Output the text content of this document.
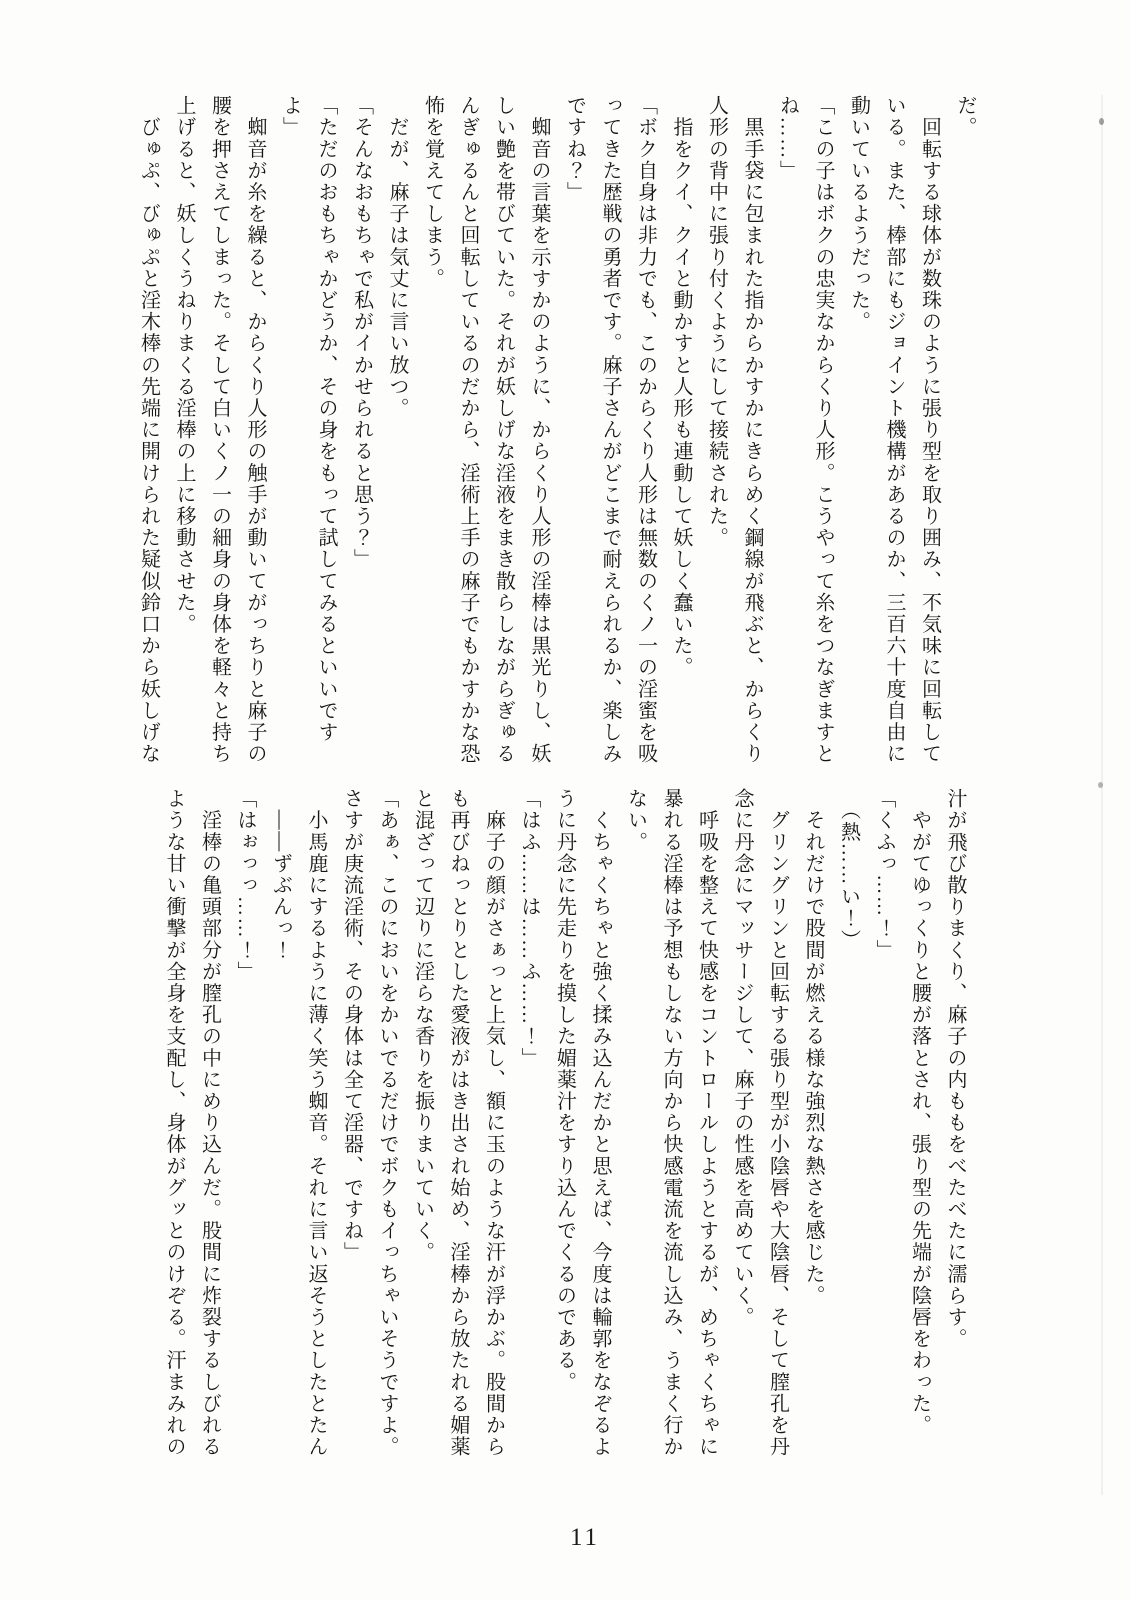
だ。

　回転する球体が数珠のように張り型を取り囲み、不気味に回転している。また、棒部にもジョイント機構があるのか、三百六十度自由に動いているようだった。

「この子はボクの忠実なからくり人形。こうやって糸をつなぎますとね……」

　黒手袋に包まれた指からかすかにきらめく鋼線が飛ぶと、からくり人形の背中に張り付くようにして接続された。

　指をクイ、クイと動かすと人形も連動して妖しく蠢いた。

「ボク自身は非力でも、このからくり人形は無数のくノ一の淫蜜を吸ってきた歴戦の勇者です。麻子さんがどこまで耐えられるか、楽しみですね？」

　蜘音の言葉を示すかのように、からくり人形の淫棒は黒光りし、妖しい艶を帯びていた。それが妖しげな淫液をまき散らしながらぎゅるんぎゅるんと回転しているのだから、淫術上手の麻子でもかすかな恐怖を覚えてしまう。

　だが、麻子は気丈に言い放つ。

「そんなおもちゃで私がイかせられると思う？」

「ただのおもちゃかどうか、その身をもって試してみるといいですよ」

　蜘音が糸を繰ると、からくり人形の触手が動いてがっちりと麻子の腰を押さえてしまった。そして白いくノ一の細身の身体を軽々と持ち上げると、妖しくうねりまくる淫棒の上に移動させた。

　びゅぷ、びゅぷと淫木棒の先端に開けられた疑似鈴口から妖しげな

汁が飛び散りまくり、麻子の内ももをべたべたに濡らす。

　やがてゆっくりと腰が落とされ、張り型の先端が陰唇をわった。

「くふっ……！」

　（熱……い！）

　それだけで股間が燃える様な強烈な熱さを感じた。

　グリングリンと回転する張り型が小陰唇や大陰唇、そして膣孔を丹念に丹念にマッサージして、麻子の性感を高めていく。

　呼吸を整えて快感をコントロールしようとするが、めちゃくちゃに暴れる淫棒は予想もしない方向から快感電流を流し込み、うまく行かない。

　くちゃくちゃと強く揉み込んだかと思えば、今度は輪郭をなぞるように丹念に先走りを摸した媚薬汁をすり込んでくるのである。

「はふ……は……ふ……！」

　麻子の顔がさぁっと上気し、額に玉のような汗が浮かぶ。股間からも再びねっとりとした愛液がはき出され始め、淫棒から放たれる媚薬と混ざって辺りに淫らな香りを振りまいていく。

「あぁ、このにおいをかいでるだけでボクもイっちゃいそうですよ。さすが庚流淫術、その身体は全て淫器、ですね」

　小馬鹿にするように薄く笑う蜘音。それに言い返そうとしたとたん

　――ずぶんっ！

「はぉっっ……！」

　淫棒の亀頭部分が膣孔の中にめり込んだ。股間に炸裂するしびれるような甘い衝撃が全身を支配し、身体がグッとのけぞる。汗まみれの

11
